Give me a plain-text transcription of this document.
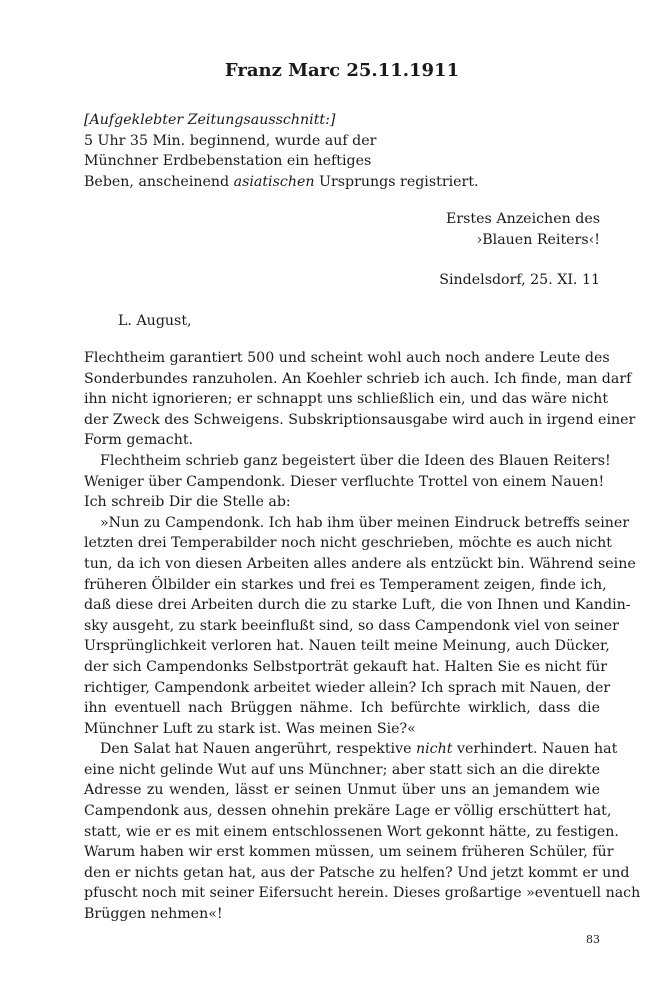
Franz Marc 25.11.1911
[Aufgeklebter Zeitungsausschnitt:]
5 Uhr 35 Min. beginnend, wurde auf der
Münchner Erdbebenstation ein heftiges
Beben, anscheinend asiatischen Ursprungs registriert.
Erstes Anzeichen des
›Blauen Reiters‹!
Sindelsdorf, 25. XI. 11
L. August,
Flechtheim garantiert 500 und scheint wohl auch noch andere Leute des
Sonderbundes ranzuholen. An Koehler schrieb ich auch. Ich finde, man darf
ihn nicht ignorieren; er schnappt uns schließlich ein, und das wäre nicht
der Zweck des Schweigens. Subskriptionsausgabe wird auch in irgend einer
Form gemacht.
Flechtheim schrieb ganz begeistert über die Ideen des Blauen Reiters!
Weniger über Campendonk. Dieser verfluchte Trottel von einem Nauen!
Ich schreib Dir die Stelle ab:
»Nun zu Campendonk. Ich hab ihm über meinen Eindruck betreffs seiner
letzten drei Temperabilder noch nicht geschrieben, möchte es auch nicht
tun, da ich von diesen Arbeiten alles andere als entzückt bin. Während seine
früheren Ölbilder ein starkes und frei es Temperament zeigen, finde ich,
daß diese drei Arbeiten durch die zu starke Luft, die von Ihnen und Kandin-
sky ausgeht, zu stark beeinflußt sind, so dass Campendonk viel von seiner
Ursprünglichkeit verloren hat. Nauen teilt meine Meinung, auch Dücker,
der sich Campendonks Selbstporträt gekauft hat. Halten Sie es nicht für
richtiger, Campendonk arbeitet wieder allein? Ich sprach mit Nauen, der
ihn eventuell nach Brüggen nähme. Ich befürchte wirklich, dass die
Münchner Luft zu stark ist. Was meinen Sie?«
Den Salat hat Nauen angerührt, respektive nicht verhindert. Nauen hat
eine nicht gelinde Wut auf uns Münchner; aber statt sich an die direkte
Adresse zu wenden, lässt er seinen Unmut über uns an jemandem wie
Campendonk aus, dessen ohnehin prekäre Lage er völlig erschüttert hat,
statt, wie er es mit einem entschlossenen Wort gekonnt hätte, zu festigen.
Warum haben wir erst kommen müssen, um seinem früheren Schüler, für
den er nichts getan hat, aus der Patsche zu helfen? Und jetzt kommt er und
pfuscht noch mit seiner Eifersucht herein. Dieses großartige »eventuell nach
Brüggen nehmen«!
83
